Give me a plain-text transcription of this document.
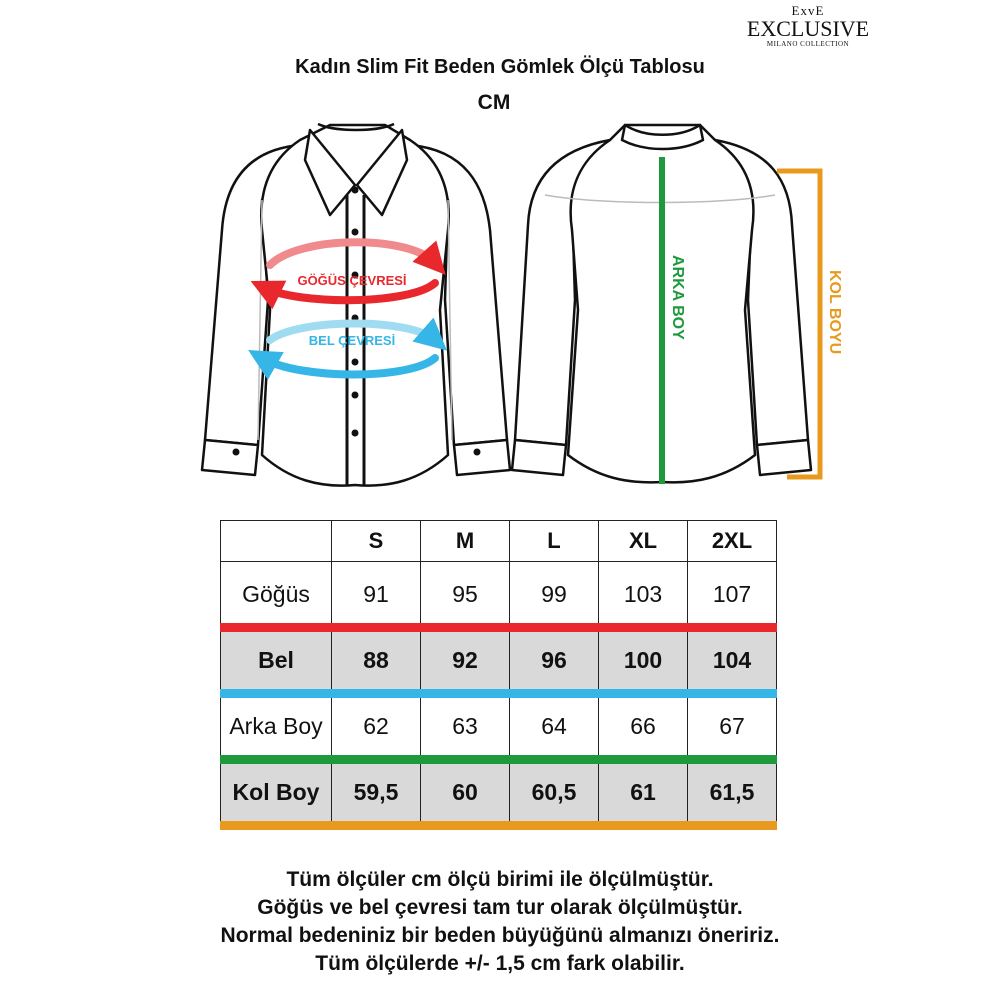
ExvE
EXCLUSIVE
MILANO COLLECTION
Kadın Slim Fit Beden Gömlek Ölçü Tablosu
CM
GÖĞÜS ÇEVRESİ
BEL ÇEVRESİ
ARKA BOY	KOL BOYU
	S	M	L	XL	2XL
Göğüs	91	95	99	103	107

Bel	88	92	96	100	104

Arka Boy	62	63	64	66	67

Kol Boy	59,5	60	60,5	61	61,5
Tüm ölçüler cm ölçü birimi ile ölçülmüştür.
Göğüs ve bel çevresi tam tur olarak ölçülmüştür.
Normal bedeniniz bir beden büyüğünü almanızı öneririz.
Tüm ölçülerde +/- 1,5 cm fark olabilir.
